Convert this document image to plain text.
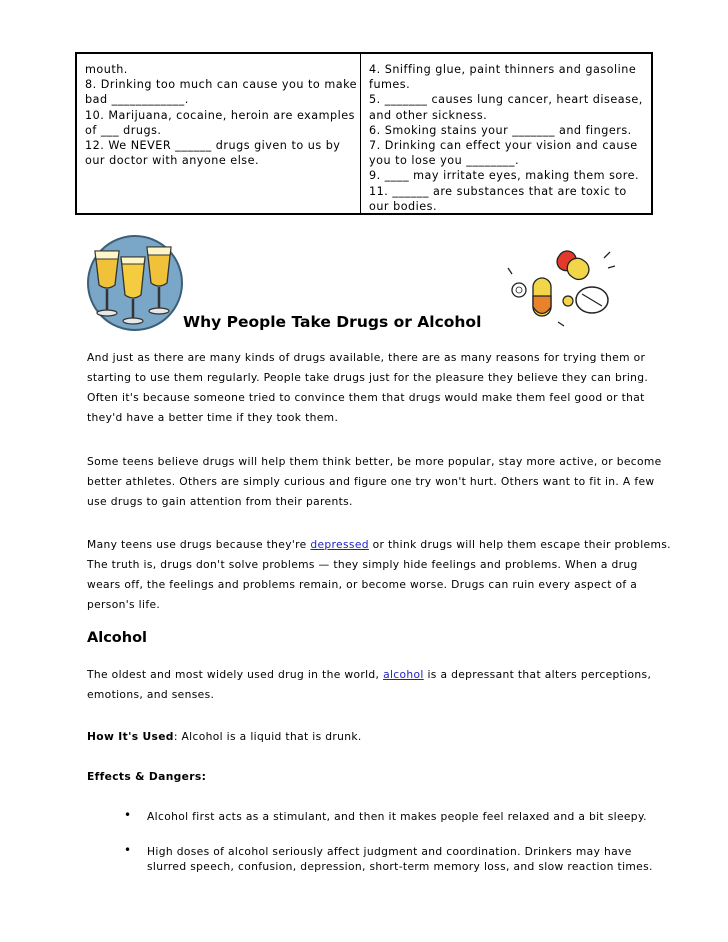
mouth.
8. Drinking too much can cause you to make
bad ____________.
10. Marijuana, cocaine, heroin are examples
of ___ drugs.
12. We NEVER ______ drugs given to us by
our doctor with anyone else.
4. Sniffing glue, paint thinners and gasoline
fumes.
5. _______ causes lung cancer, heart disease,
and other sickness.
6. Smoking stains your _______ and fingers.
7. Drinking can effect your vision and cause
you to lose you ________.
9. ____ may irritate eyes, making them sore.
11. ______ are substances that are toxic to
our bodies.
Why People Take Drugs or Alcohol
And just as there are many kinds of drugs available, there are as many reasons for trying them or
starting to use them regularly. People take drugs just for the pleasure they believe they can bring.
Often it's because someone tried to convince them that drugs would make them feel good or that
they'd have a better time if they took them.
Some teens believe drugs will help them think better, be more popular, stay more active, or become
better athletes. Others are simply curious and figure one try won't hurt. Others want to fit in. A few
use drugs to gain attention from their parents.
Many teens use drugs because they're depressed or think drugs will help them escape their problems.
The truth is, drugs don't solve problems — they simply hide feelings and problems. When a drug
wears off, the feelings and problems remain, or become worse. Drugs can ruin every aspect of a
person's life.
Alcohol
The oldest and most widely used drug in the world, alcohol is a depressant that alters perceptions,
emotions, and senses.
How It's Used: Alcohol is a liquid that is drunk.
Effects & Dangers:
• Alcohol first acts as a stimulant, and then it makes people feel relaxed and a bit sleepy.
• High doses of alcohol seriously affect judgment and coordination. Drinkers may have
slurred speech, confusion, depression, short-term memory loss, and slow reaction times.
